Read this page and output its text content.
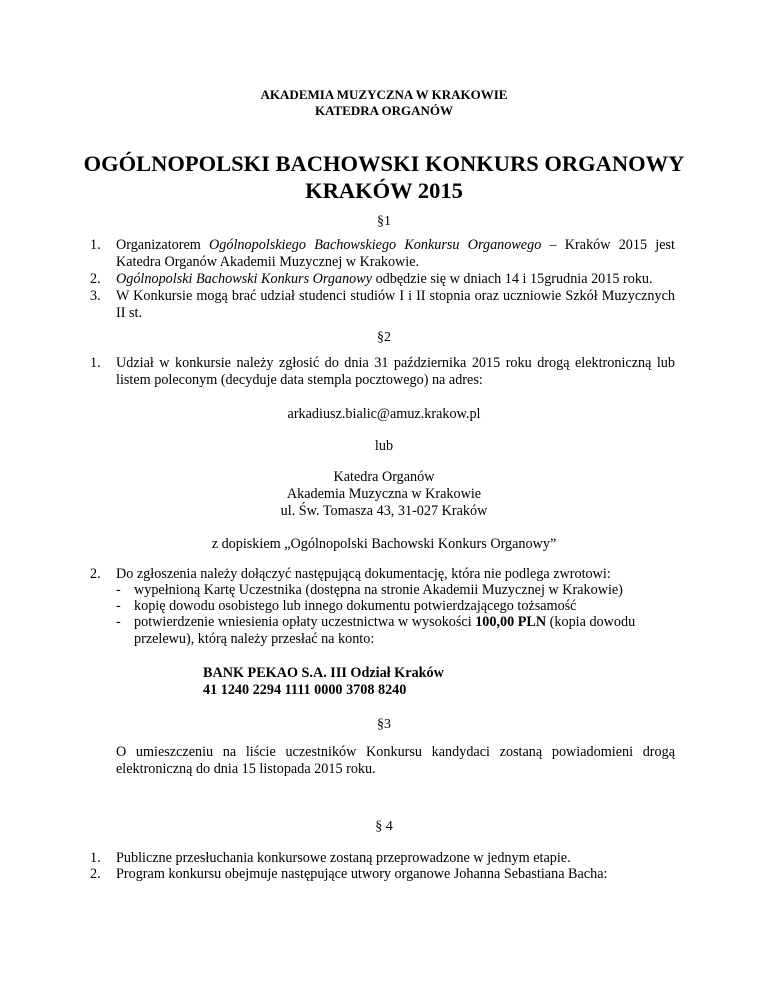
AKADEMIA MUZYCZNA W KRAKOWIE
KATEDRA ORGANÓW
OGÓLNOPOLSKI BACHOWSKI KONKURS ORGANOWY
KRAKÓW 2015
§1
1. Organizatorem Ogólnopolskiego Bachowskiego Konkursu Organowego – Kraków 2015 jest
Katedra Organów Akademii Muzycznej w Krakowie.
2. Ogólnopolski Bachowski Konkurs Organowy odbędzie się w dniach 14 i 15grudnia 2015 roku.
3. W Konkursie mogą brać udział studenci studiów I i II stopnia oraz uczniowie Szkół Muzycznych
II st.
§2
1. Udział w konkursie należy zgłosić do dnia 31 października 2015 roku drogą elektroniczną lub
listem poleconym (decyduje data stempla pocztowego) na adres:
arkadiusz.bialic@amuz.krakow.pl
lub
Katedra Organów
Akademia Muzyczna w Krakowie
ul. Św. Tomasza 43, 31-027 Kraków
z dopiskiem „Ogólnopolski Bachowski Konkurs Organowy”
2. Do zgłoszenia należy dołączyć następującą dokumentację, która nie podlega zwrotowi:
- wypełnioną Kartę Uczestnika (dostępna na stronie Akademii Muzycznej w Krakowie)
- kopię dowodu osobistego lub innego dokumentu potwierdzającego tożsamość
- potwierdzenie wniesienia opłaty uczestnictwa w wysokości 100,00 PLN (kopia dowodu
przelewu), którą należy przesłać na konto:
BANK PEKAO S.A. III Odział Kraków
41 1240 2294 1111 0000 3708 8240
§3
O umieszczeniu na liście uczestników Konkursu kandydaci zostaną powiadomieni drogą
elektroniczną do dnia 15 listopada 2015 roku.
§ 4
1. Publiczne przesłuchania konkursowe zostaną przeprowadzone w jednym etapie.
2. Program konkursu obejmuje następujące utwory organowe Johanna Sebastiana Bacha:
